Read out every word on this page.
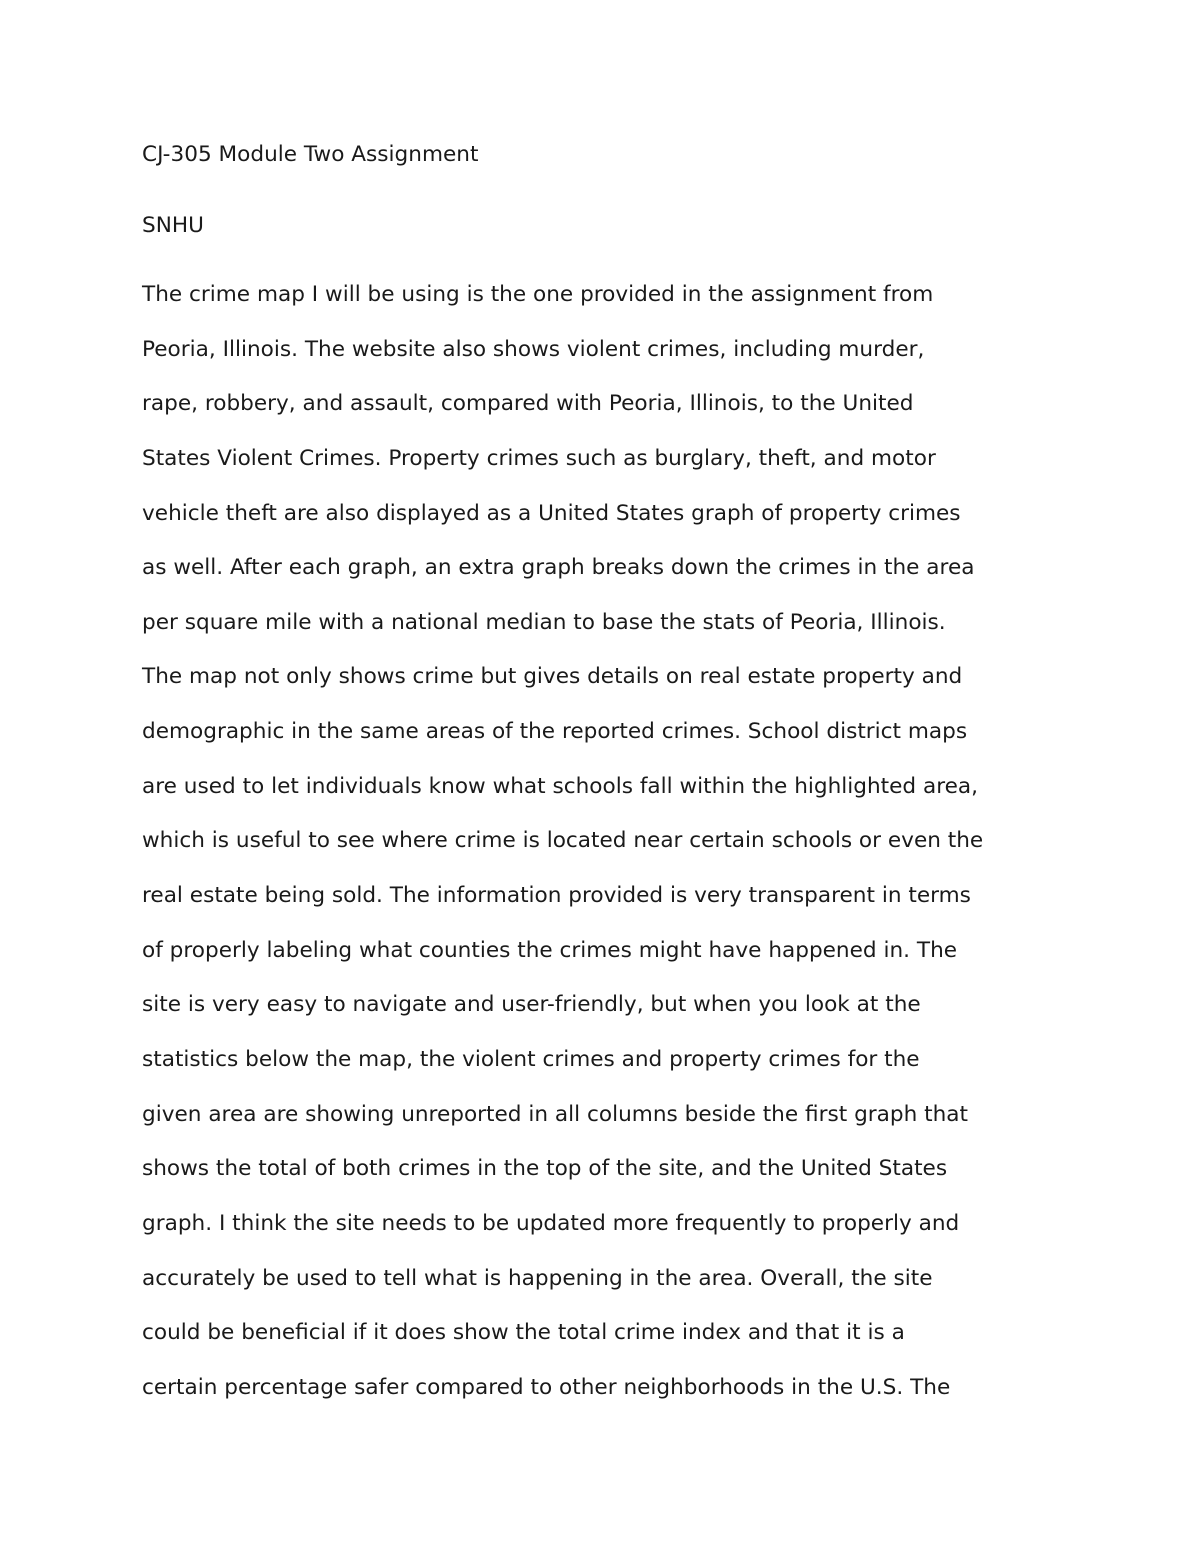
CJ-305 Module Two Assignment
SNHU
The crime map I will be using is the one provided in the assignment from
Peoria, Illinois. The website also shows violent crimes, including murder,
rape, robbery, and assault, compared with Peoria, Illinois, to the United
States Violent Crimes. Property crimes such as burglary, theft, and motor
vehicle theft are also displayed as a United States graph of property crimes
as well. After each graph, an extra graph breaks down the crimes in the area
per square mile with a national median to base the stats of Peoria, Illinois.
The map not only shows crime but gives details on real estate property and
demographic in the same areas of the reported crimes. School district maps
are used to let individuals know what schools fall within the highlighted area,
which is useful to see where crime is located near certain schools or even the
real estate being sold. The information provided is very transparent in terms
of properly labeling what counties the crimes might have happened in. The
site is very easy to navigate and user-friendly, but when you look at the
statistics below the map, the violent crimes and property crimes for the
given area are showing unreported in all columns beside the first graph that
shows the total of both crimes in the top of the site, and the United States
graph. I think the site needs to be updated more frequently to properly and
accurately be used to tell what is happening in the area. Overall, the site
could be beneficial if it does show the total crime index and that it is a
certain percentage safer compared to other neighborhoods in the U.S. The
